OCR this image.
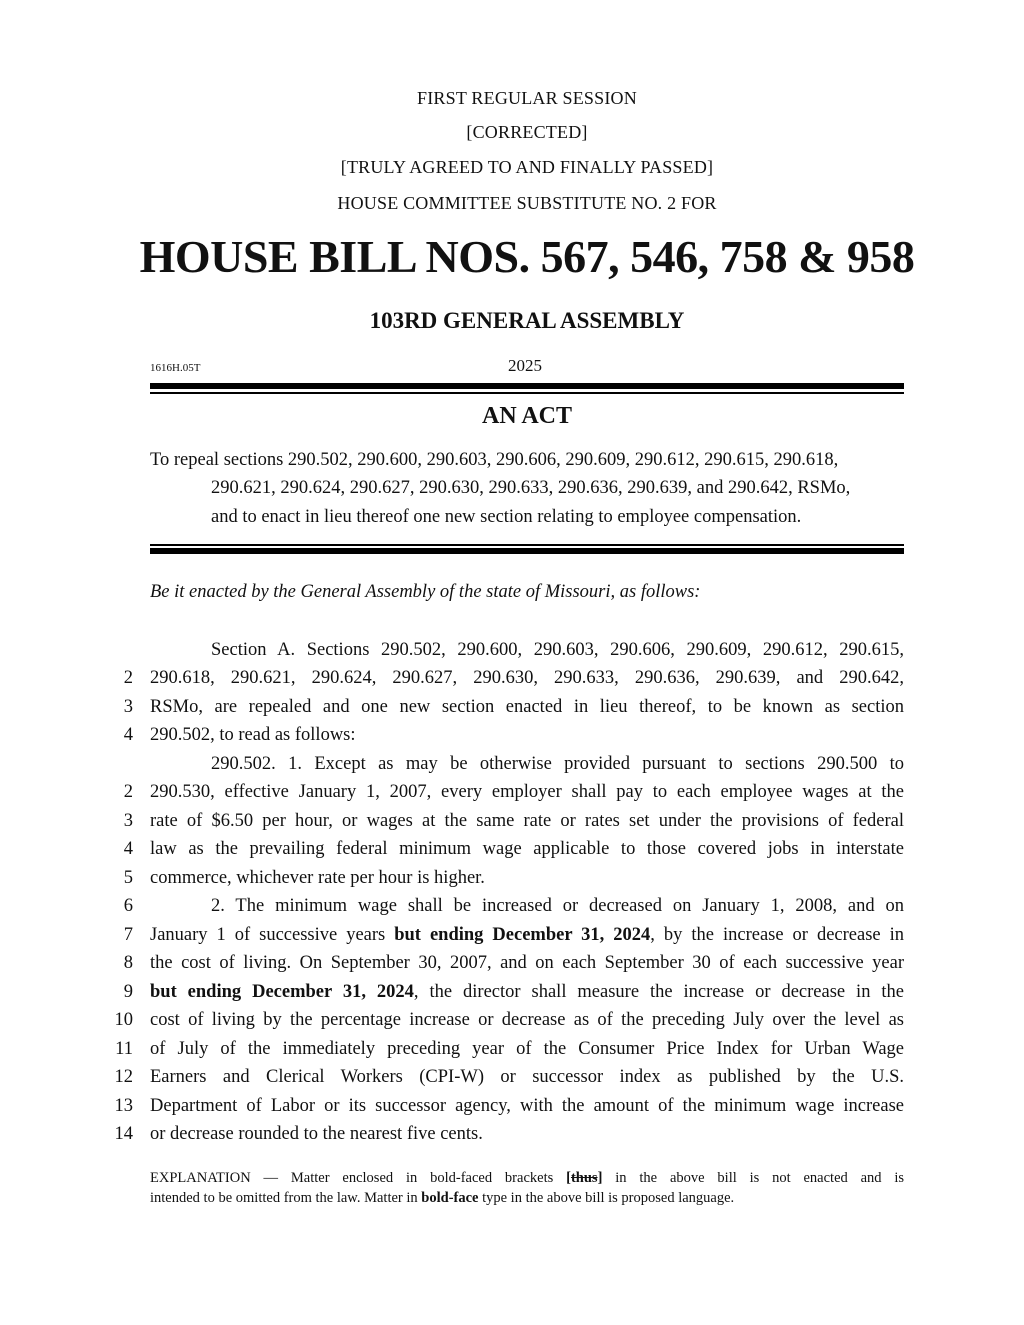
FIRST REGULAR SESSION
[CORRECTED]
[TRULY AGREED TO AND FINALLY PASSED]
HOUSE COMMITTEE SUBSTITUTE NO. 2 FOR
HOUSE BILL NOS. 567, 546, 758 & 958
103RD GENERAL ASSEMBLY
1616H.05T	2025
AN ACT
To repeal sections 290.502, 290.600, 290.603, 290.606, 290.609, 290.612, 290.615, 290.618,
290.621, 290.624, 290.627, 290.630, 290.633, 290.636, 290.639, and 290.642, RSMo,
and to enact in lieu thereof one new section relating to employee compensation.
Be it enacted by the General Assembly of the state of Missouri, as follows:
Section A. Sections 290.502, 290.600, 290.603, 290.606, 290.609, 290.612, 290.615,
2 290.618, 290.621, 290.624, 290.627, 290.630, 290.633, 290.636, 290.639, and 290.642,
3 RSMo, are repealed and one new section enacted in lieu thereof, to be known as section
4 290.502, to read as follows:
290.502. 1. Except as may be otherwise provided pursuant to sections 290.500 to
2 290.530, effective January 1, 2007, every employer shall pay to each employee wages at the
3 rate of $6.50 per hour, or wages at the same rate or rates set under the provisions of federal
4 law as the prevailing federal minimum wage applicable to those covered jobs in interstate
5 commerce, whichever rate per hour is higher.
6	2. The minimum wage shall be increased or decreased on January 1, 2008, and on
7 January 1 of successive years but ending December 31, 2024, by the increase or decrease in
8 the cost of living. On September 30, 2007, and on each September 30 of each successive year
9 but ending December 31, 2024, the director shall measure the increase or decrease in the
10 cost of living by the percentage increase or decrease as of the preceding July over the level as
11 of July of the immediately preceding year of the Consumer Price Index for Urban Wage
12 Earners and Clerical Workers (CPI-W) or successor index as published by the U.S.
13 Department of Labor or its successor agency, with the amount of the minimum wage increase
14 or decrease rounded to the nearest five cents.
EXPLANATION — Matter enclosed in bold-faced brackets [thus] in the above bill is not enacted and is
intended to be omitted from the law. Matter in bold-face type in the above bill is proposed language.
